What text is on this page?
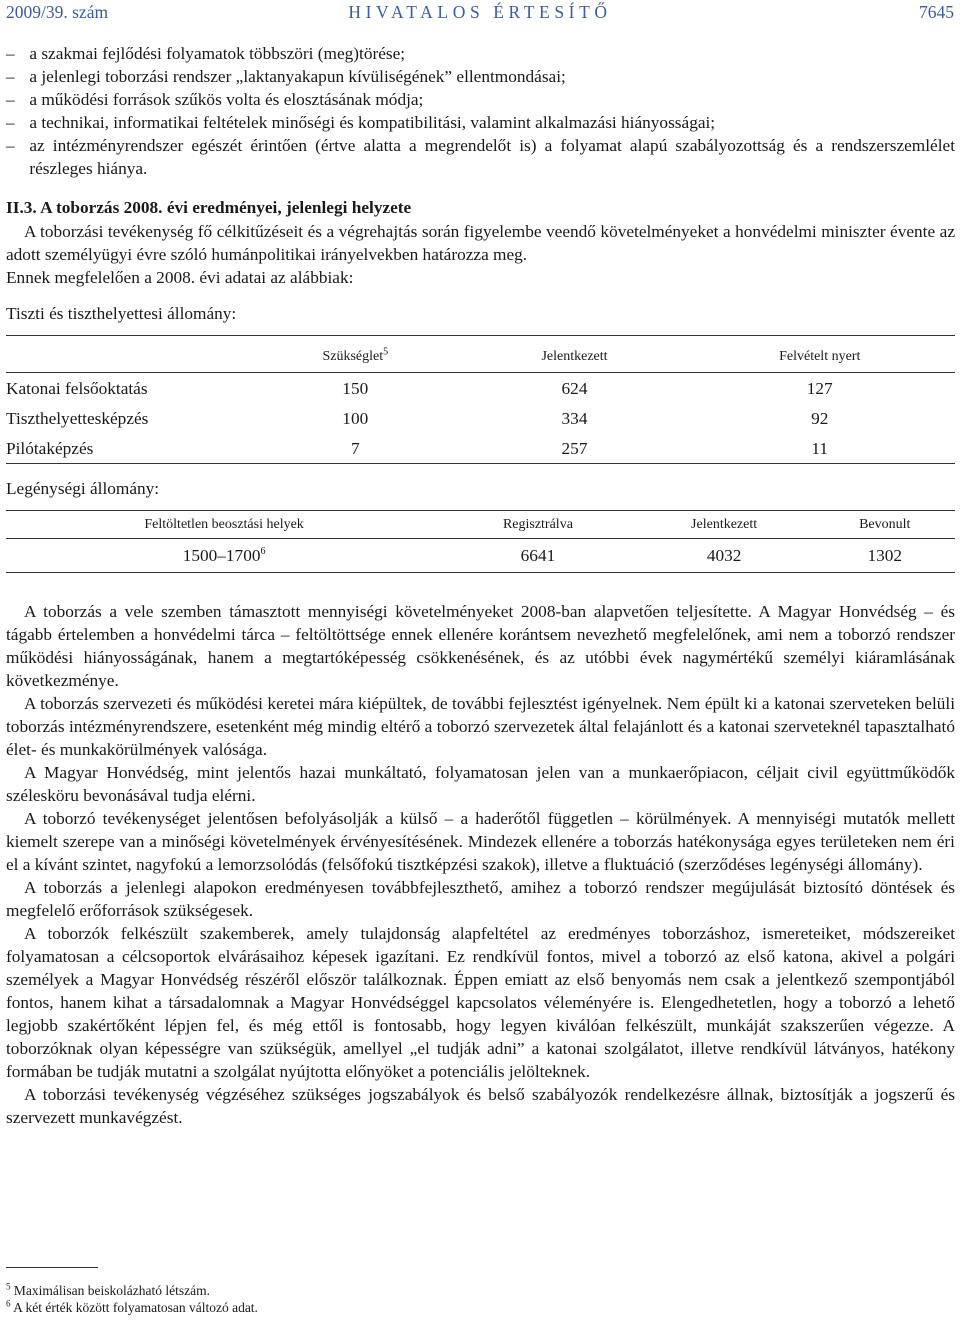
2009/39. szám	HIVATALOS ÉRTESÍTŐ	7645

– a szakmai fejlődési folyamatok többszöri (meg)törése;

– a jelenlegi toborzási rendszer „laktanyakapun kívüliségének” ellentmondásai;

– a működési források szűkös volta és elosztásának módja;

– a technikai, informatikai feltételek minőségi és kompatibilitási, valamint alkalmazási hiányosságai;

– az intézményrendszer egészét érintően (értve alatta a megrendelőt is) a folyamat alapú szabályozottság és a rendszerszemlélet részleges hiánya.

II.3. A toborzás 2008. évi eredményei, jelenlegi helyzete

A toborzási tevékenység fő célkitűzéseit és a végrehajtás során figyelembe veendő követelményeket a honvédelmi miniszter évente az adott személyügyi évre szóló humánpolitikai irányelvekben határozza meg.

Ennek megfelelően a 2008. évi adatai az alábbiak:

Tiszti és tiszthelyettesi állomány:
	Szükséglet$^5$	Jelentkezett	Felvételt nyert
Katonai felsőoktatás	150	624	127
Tiszthelyettesképzés	100	334	92
Pilótaképzés	7	257	11
Legénységi állomány:
Feltöltetlen beosztási helyek	Regisztrálva	Jelentkezett	Bevonult
1500–1700$^6$	6641	4032	1302

A toborzás a vele szemben támasztott mennyiségi követelményeket 2008-ban alapvetően teljesítette. A Magyar Honvédség – és tágabb értelemben a honvédelmi tárca – feltöltöttsége ennek ellenére korántsem nevezhető megfelelőnek, ami nem a toborzó rendszer működési hiányosságának, hanem a megtartóképesség csökkenésének, és az utóbbi évek nagymértékű személyi kiáramlásának következménye.

A toborzás szervezeti és működési keretei mára kiépültek, de további fejlesztést igényelnek. Nem épült ki a katonai szerveteken belüli toborzás intézményrendszere, esetenként még mindig eltérő a toborzó szervezetek által felajánlott és a katonai szerveteknél tapasztalható élet- és munkakörülmények valósága.

A Magyar Honvédség, mint jelentős hazai munkáltató, folyamatosan jelen van a munkaerőpiacon, céljait civil együttműködők szélesköru bevonásával tudja elérni.

A toborzó tevékenységet jelentősen befolyásolják a külső – a haderőtől független – körülmények. A mennyiségi mutatók mellett kiemelt szerepe van a minőségi követelmények érvényesítésének. Mindezek ellenére a toborzás hatékonysága egyes területeken nem éri el a kívánt szintet, nagyfokú a lemorzsolódás (felsőfokú tisztképzési szakok), illetve a fluktuáció (szerződéses legénységi állomány).

A toborzás a jelenlegi alapokon eredményesen továbbfejleszthető, amihez a toborzó rendszer megújulását biztosító döntések és megfelelő erőforrások szükségesek.

A toborzók felkészült szakemberek, amely tulajdonság alapfeltétel az eredményes toborzáshoz, ismereteiket, módszereiket folyamatosan a célcsoportok elvárásaihoz képesek igazítani. Ez rendkívül fontos, mivel a toborzó az első katona, akivel a polgári személyek a Magyar Honvédség részéről először találkoznak. Éppen emiatt az első benyomás nem csak a jelentkező szempontjából fontos, hanem kihat a társadalomnak a Magyar Honvédséggel kapcsolatos véleményére is. Elengedhetetlen, hogy a toborzó a lehető legjobb szakértőként lépjen fel, és még ettől is fontosabb, hogy legyen kiválóan felkészült, munkáját szakszerűen végezze. A toborzóknak olyan képességre van szükségük, amellyel „el tudják adni” a katonai szolgálatot, illetve rendkívül látványos, hatékony formában be tudják mutatni a szolgálat nyújtotta előnyöket a potenciális jelölteknek.

A toborzási tevékenység végzéséhez szükséges jogszabályok és belső szabályozók rendelkezésre állnak, biztosítják a jogszerű és szervezett munkavégzést.

$^5$ Maximálisan beiskolázható létszám.
$^6$ A két érték között folyamatosan változó adat.
